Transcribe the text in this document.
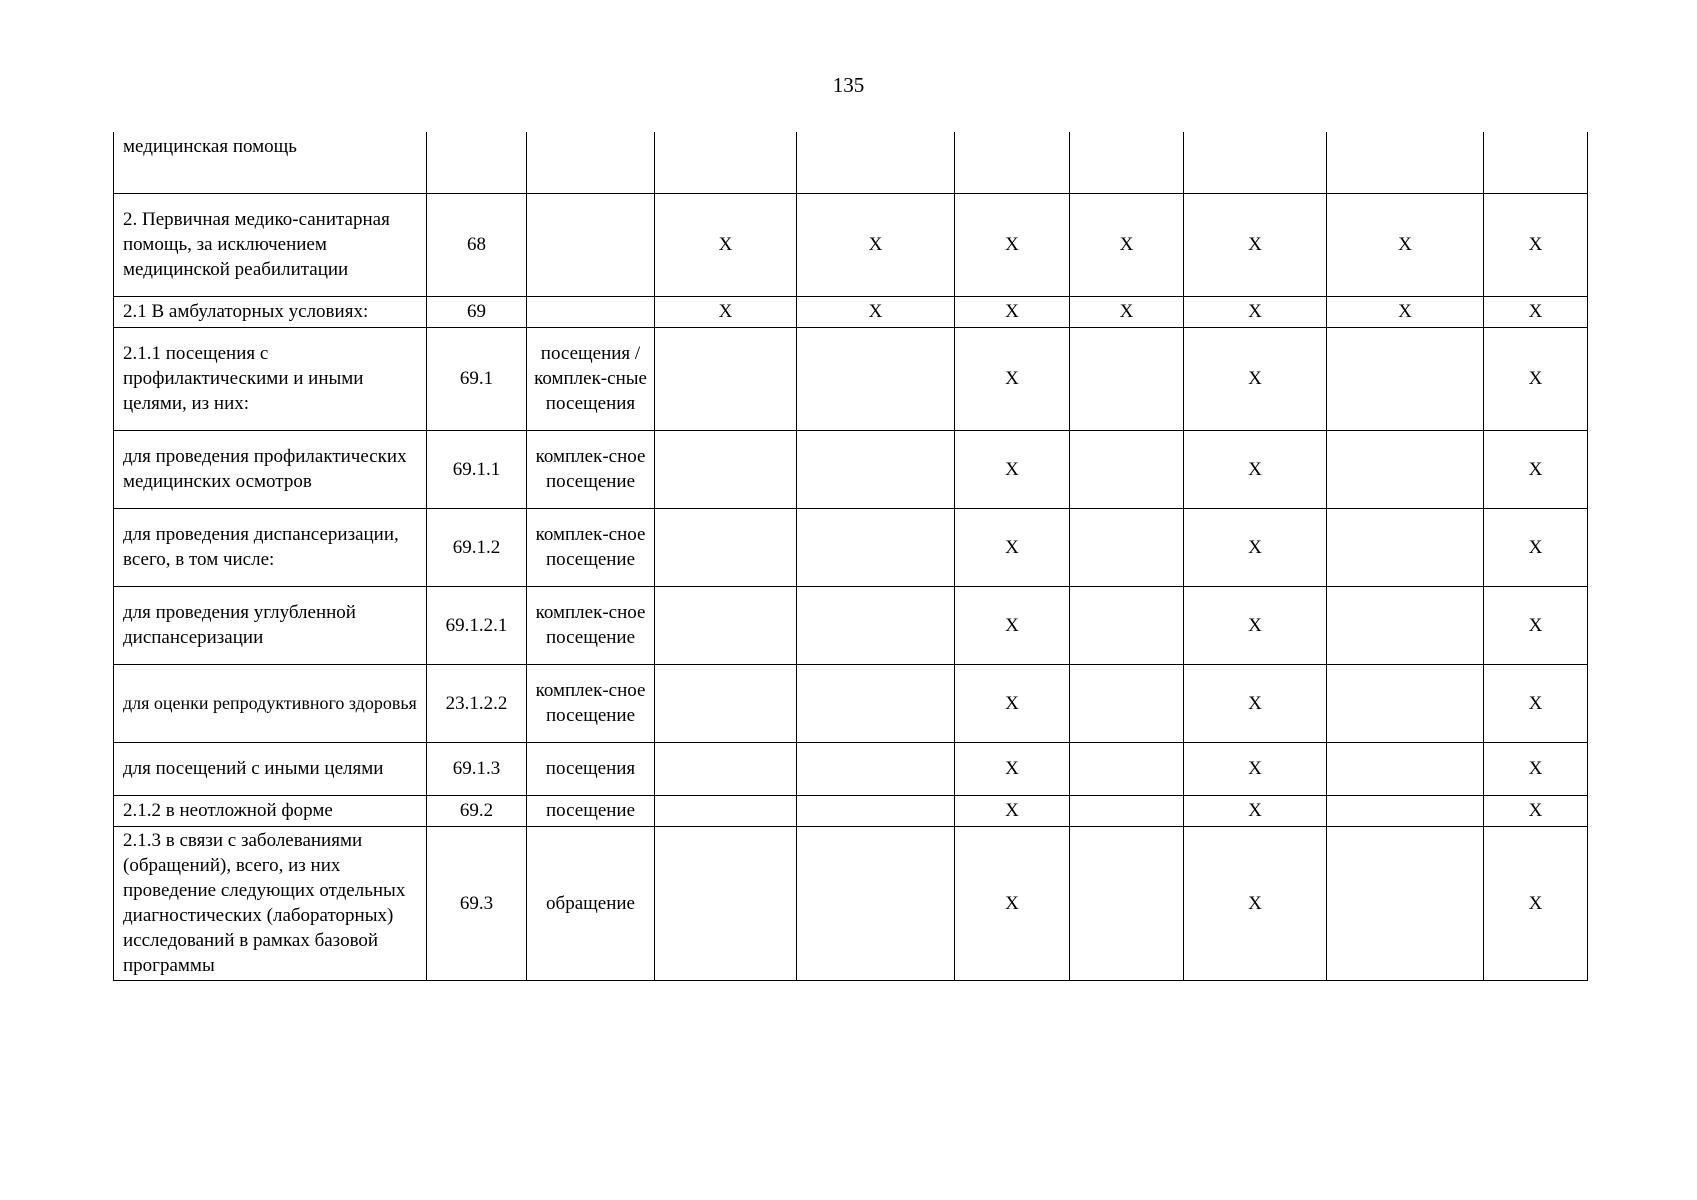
135
медицинская помощь									
2. Первичная медико-санитарная помощь, за исключением медицинской реабилитации	68		X	X	X	X	X	X	X
2.1 В амбулаторных условиях:	69		X	X	X	X	X	X	X
2.1.1 посещения с профилактическими и иными целями, из них:	69.1	посещения /комплек-сные посещения			X		X		X
для проведения профилактических медицинских осмотров	69.1.1	комплек-сное посещение			X		X		X
для проведения диспансеризации, всего, в том числе:	69.1.2	комплек-сное посещение			X		X		X
для проведения углубленной диспансеризации	69.1.2.1	комплек-сное посещение			X		X		X
для оценки репродуктивного здоровья	23.1.2.2	комплек-сное посещение			X		X		X
для посещений с иными целями	69.1.3	посещения			X		X		X
2.1.2 в неотложной форме	69.2	посещение			X		X		X
2.1.3 в связи с заболеваниями (обращений), всего, из них проведение следующих отдельных диагностических (лабораторных) исследований в рамках базовой программы	69.3	обращение			X		X		X
